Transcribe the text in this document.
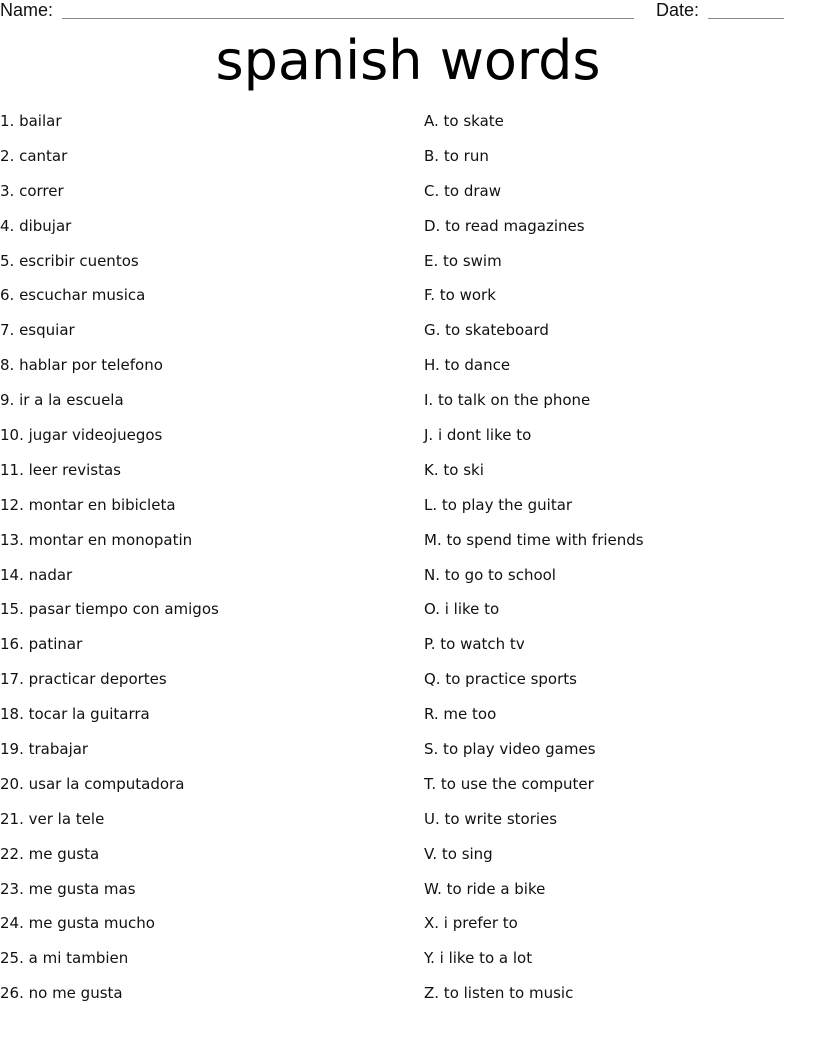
Name:	Date:
spanish words
1. bailar
2. cantar
3. correr
4. dibujar
5. escribir cuentos
6. escuchar musica
7. esquiar
8. hablar por telefono
9. ir a la escuela
10. jugar videojuegos
11. leer revistas
12. montar en bibicleta
13. montar en monopatin
14. nadar
15. pasar tiempo con amigos
16. patinar
17. practicar deportes
18. tocar la guitarra
19. trabajar
20. usar la computadora
21. ver la tele
22. me gusta
23. me gusta mas
24. me gusta mucho
25. a mi tambien
26. no me gusta
A. to skate
B. to run
C. to draw
D. to read magazines
E. to swim
F. to work
G. to skateboard
H. to dance
I. to talk on the phone
J. i dont like to
K. to ski
L. to play the guitar
M. to spend time with friends
N. to go to school
O. i like to
P. to watch tv
Q. to practice sports
R. me too
S. to play video games
T. to use the computer
U. to write stories
V. to sing
W. to ride a bike
X. i prefer to
Y. i like to a lot
Z. to listen to music
